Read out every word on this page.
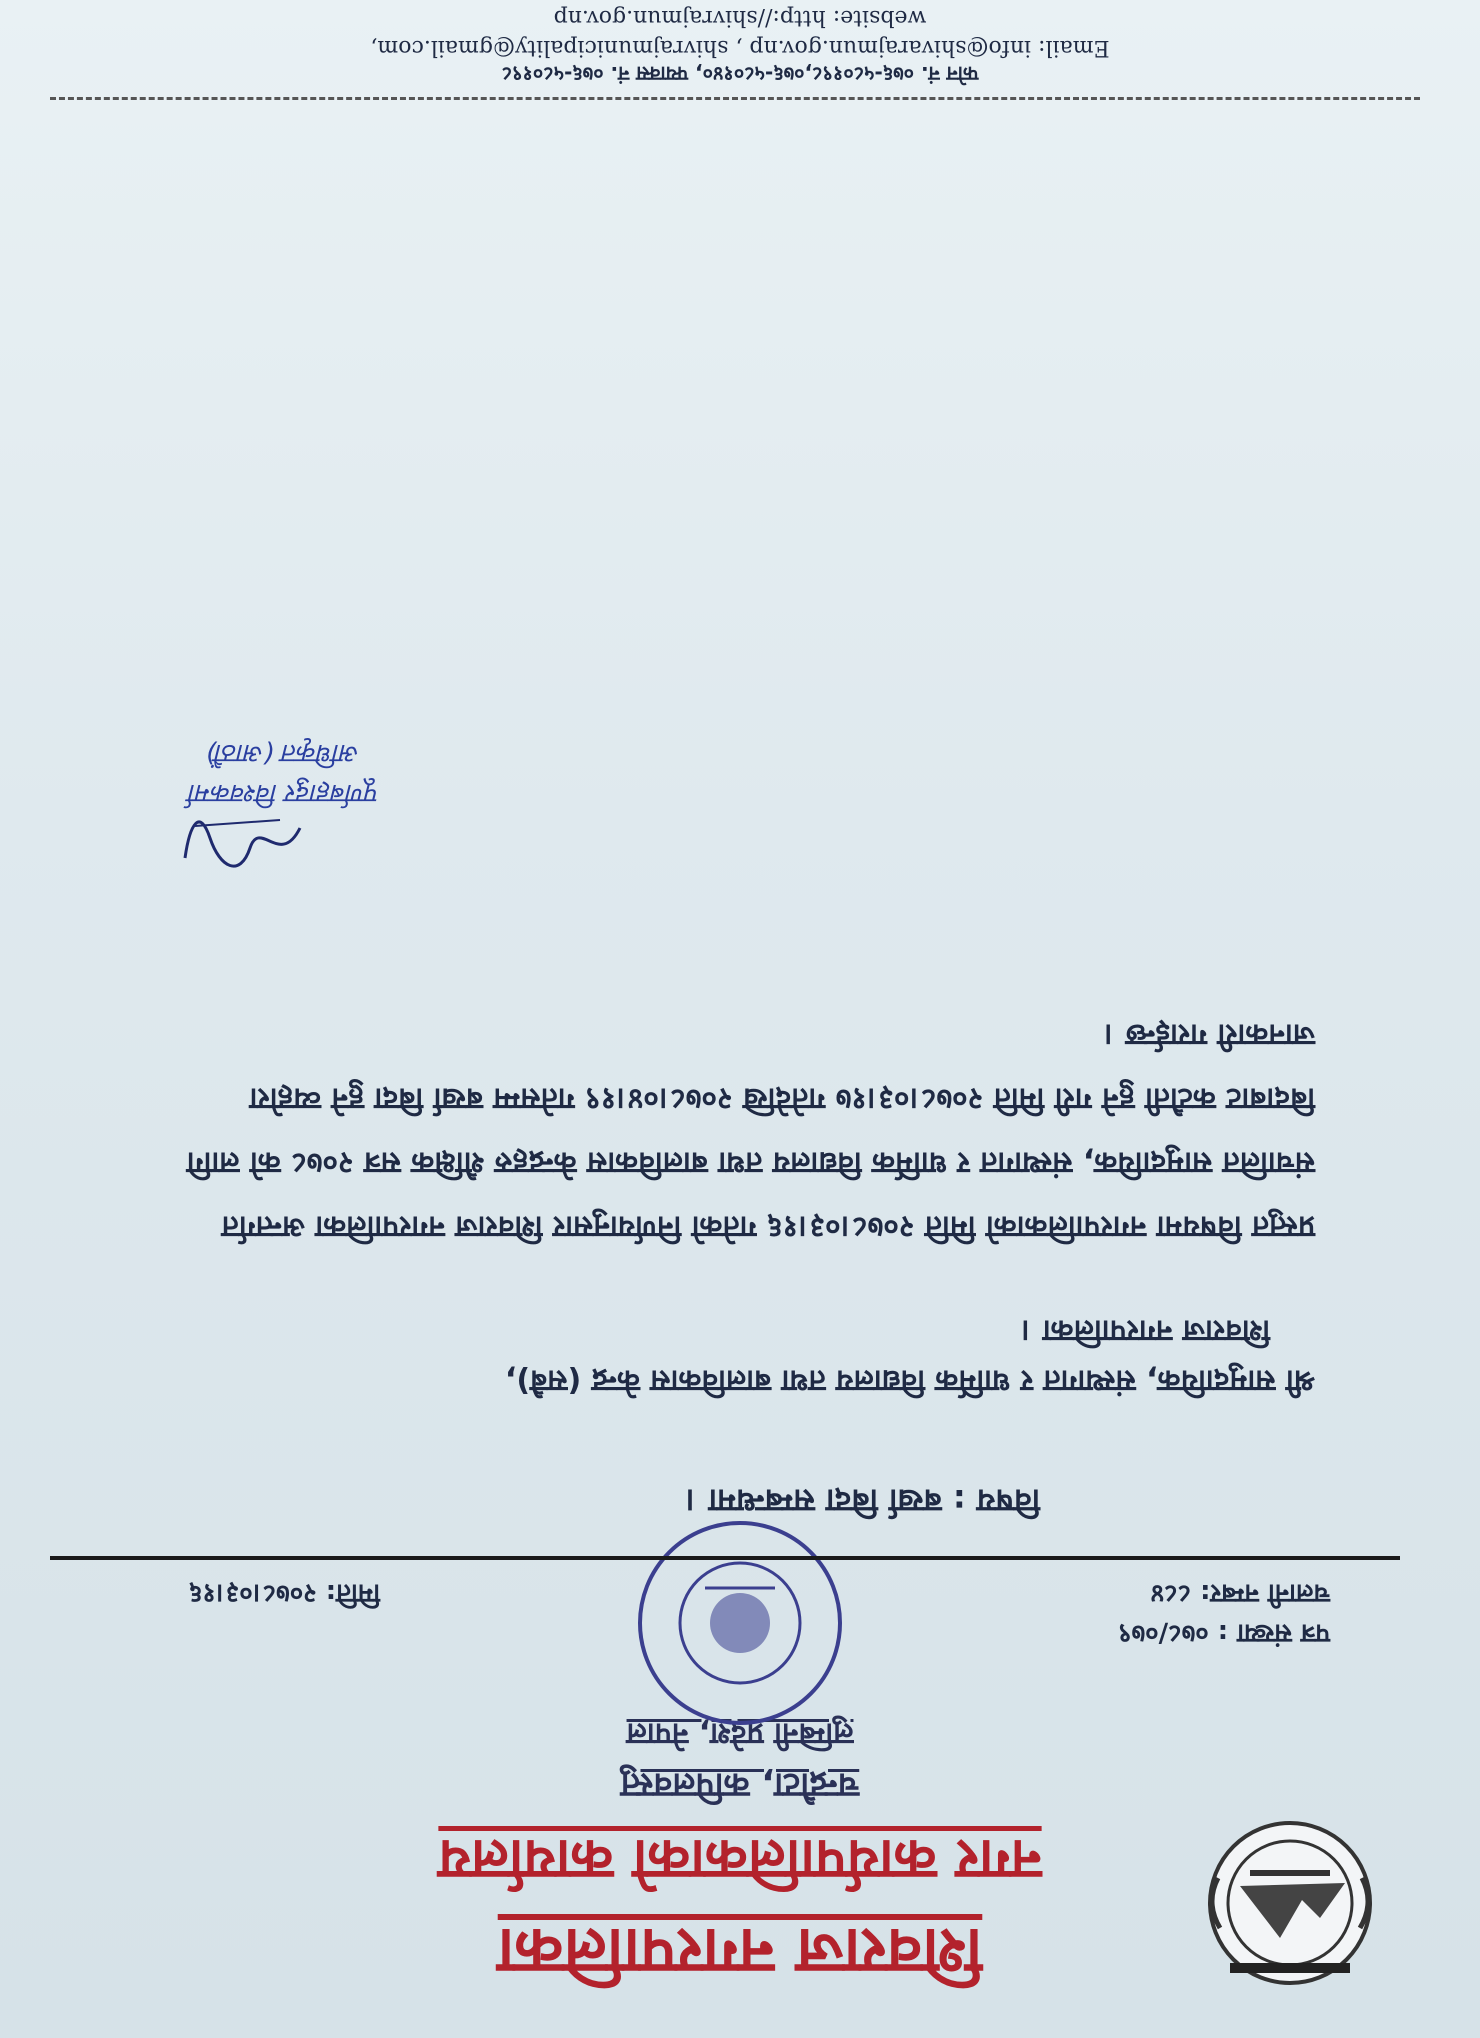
शिवराज नगरपालिका
नगर कार्यपालिकाको कार्यालय
चन्द्रौटा, कपिलवस्तु
लुम्बिनी प्रदेश, नेपाल
पत्र संख्या : ०७८/०७९
चलानी नम्बर: ८८४
मिति: २०७८।०३।१६
विषय : बर्खा बिदा सम्बन्धमा ।
श्री सामुदायिक, संस्थागत र धार्मिक विद्यालय तथा बालविकास केन्द्र (सबै),
शिवराज नगरपालिका ।
प्रस्तुत विषयमा नगरपालिकाको मिति २०७८।०३।१६ गतेको निर्णयानुसार शिवराज नगरपालिका अन्तर्गत संचालित सामुदायिक, संस्थागत र धार्मिक विद्यालय तथा बालविकास केन्द्रहरु शैक्षिक सत्र २०७८ को लागि बिदाबाट कटौती हुने गरी मिति २०७८।०३।१७ गतेदेखि २०७८।०४।१९ गतेसम्म बर्खा बिदा हुने व्यहोरा जानकारी गराईन्छ ।
पूर्णबहादुर विश्वकर्मा
अधिकृत (आठौं)
फोन नं. ०७६-५८०१९८,०७६-५८०१४०, फ्याक्स नं. ०७६-५८०१९८
Email: info@shivarajmun.gov.np , shivrajmunicipality@gmail.com,
website: http://shivrajmun.gov.np
